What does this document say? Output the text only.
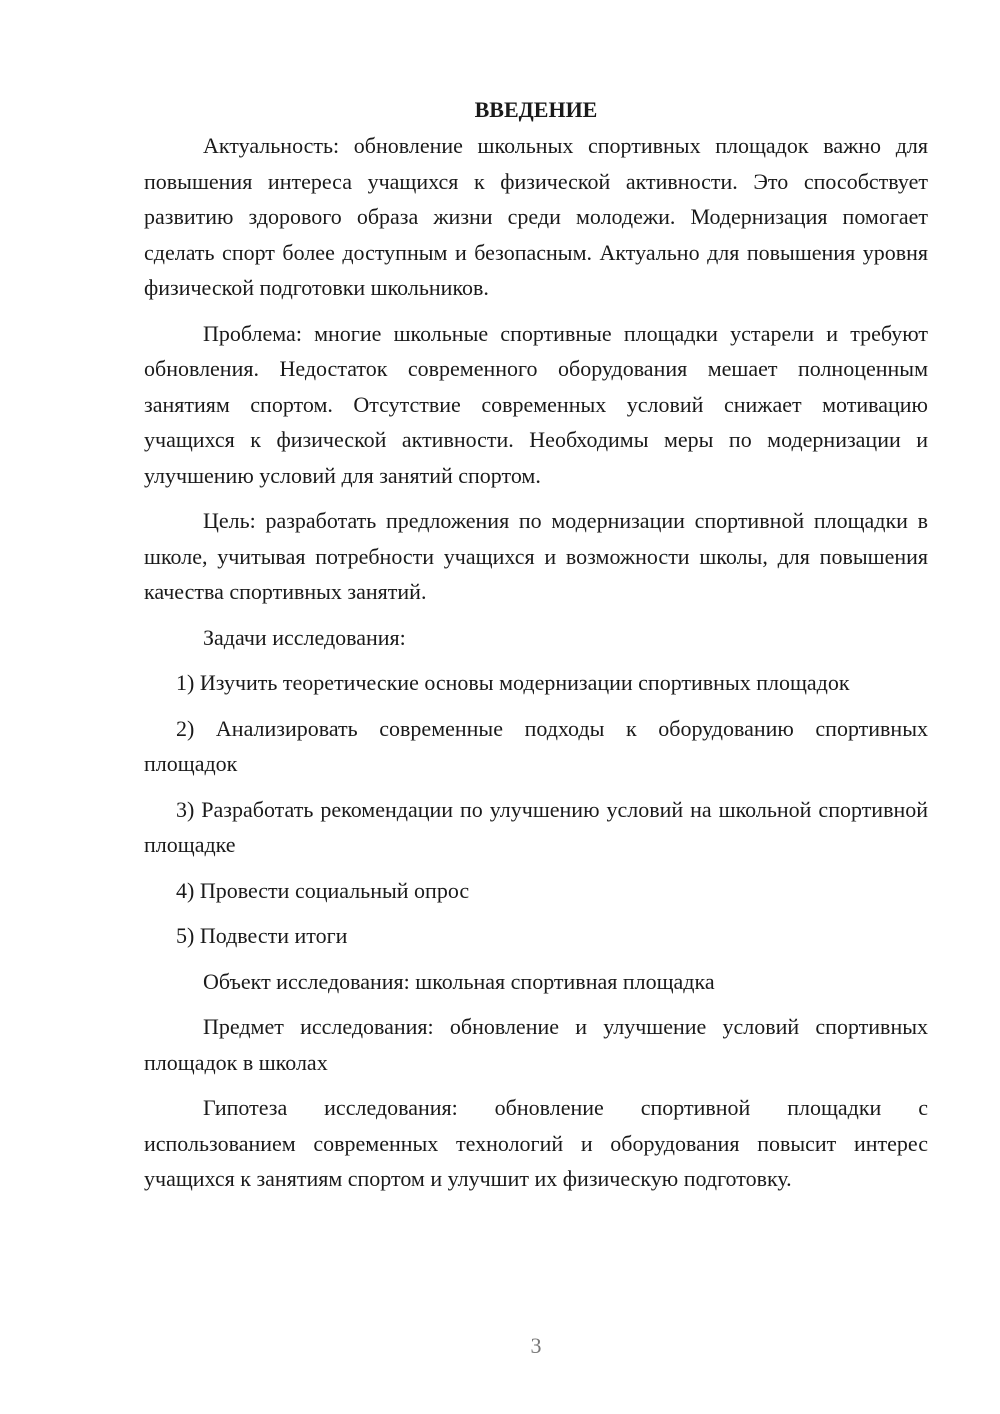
ВВЕДЕНИЕ

Актуальность: обновление школьных спортивных площадок важно для повышения интереса учащихся к физической активности. Это способствует развитию здорового образа жизни среди молодежи. Модернизация помогает сделать спорт более доступным и безопасным. Актуально для повышения уровня физической подготовки школьников.

Проблема: многие школьные спортивные площадки устарели и требуют обновления. Недостаток современного оборудования мешает полноценным занятиям спортом. Отсутствие современных условий снижает мотивацию учащихся к физической активности. Необходимы меры по модернизации и улучшению условий для занятий спортом.

Цель: разработать предложения по модернизации спортивной площадки в школе, учитывая потребности учащихся и возможности школы, для повышения качества спортивных занятий.

Задачи исследования:

1) Изучить теоретические основы модернизации спортивных площадок

2) Анализировать современные подходы к оборудованию спортивных площадок

3) Разработать рекомендации по улучшению условий на школьной спортивной площадке

4) Провести социальный опрос

5) Подвести итоги

Объект исследования: школьная спортивная площадка

Предмет исследования: обновление и улучшение условий спортивных площадок в школах

Гипотеза исследования: обновление спортивной площадки с использованием современных технологий и оборудования повысит интерес учащихся к занятиям спортом и улучшит их физическую подготовку.

3
